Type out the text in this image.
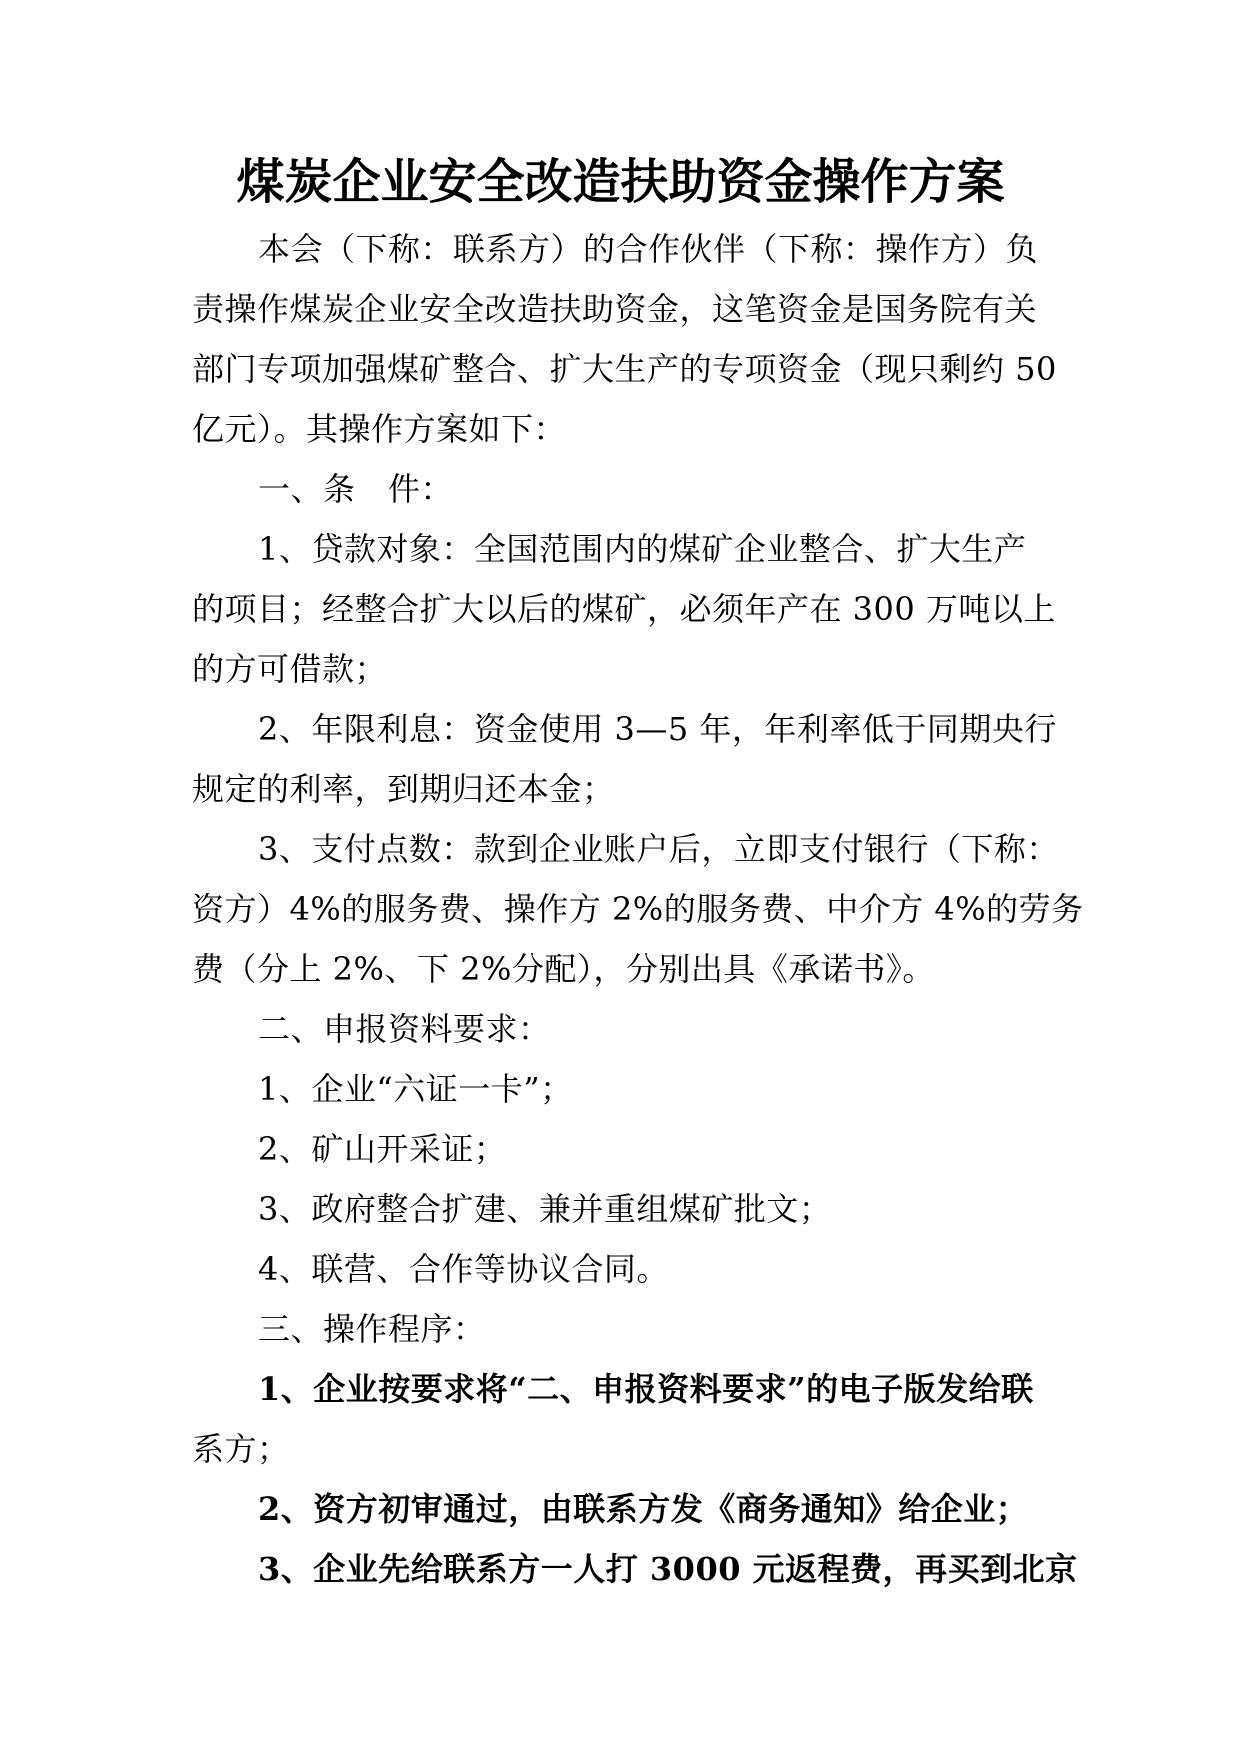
煤炭企业安全改造扶助资金操作方案
本会（下称：联系方）的合作伙伴（下称：操作方）负
责操作煤炭企业安全改造扶助资金，这笔资金是国务院有关
部门专项加强煤矿整合、扩大生产的专项资金（现只剩约 50
亿元）。其操作方案如下：
一、条　件：
1、贷款对象：全国范围内的煤矿企业整合、扩大生产
的项目；经整合扩大以后的煤矿，必须年产在 300 万吨以上
的方可借款；
2、年限利息：资金使用 3—5 年，年利率低于同期央行
规定的利率，到期归还本金；
3、支付点数：款到企业账户后，立即支付银行（下称：
资方）4%的服务费、操作方 2%的服务费、中介方 4%的劳务
费（分上 2%、下 2%分配），分别出具《承诺书》。
二、申报资料要求：
1、企业“六证一卡”；
2、矿山开采证；
3、政府整合扩建、兼并重组煤矿批文；
4、联营、合作等协议合同。
三、操作程序：
1、企业按要求将“二、申报资料要求”的电子版发给联
系方；
2、资方初审通过，由联系方发《商务通知》给企业；
3、企业先给联系方一人打 3000 元返程费，再买到北京
